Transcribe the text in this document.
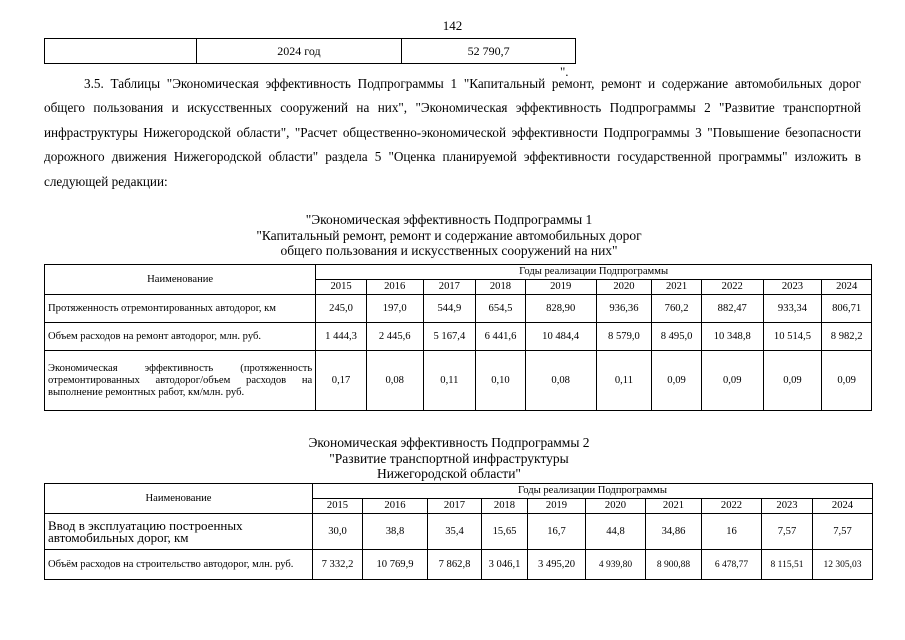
142
	2024 год	52 790,7
".
3.5. Таблицы "Экономическая эффективность Подпрограммы 1 "Капитальный ремонт, ремонт и содержание автомобильных дорог общего пользования и искусственных сооружений на них", "Экономическая эффективность Подпрограммы 2 "Развитие транспортной инфраструктуры Нижегородской области", "Расчет общественно-экономической эффективности Подпрограммы 3 "Повышение безопасности дорожного движения Нижегородской области" раздела 5 "Оценка планируемой эффективности государственной программы" изложить в следующей редакции:
"Экономическая эффективность Подпрограммы 1
"Капитальный ремонт, ремонт и содержание автомобильных дорог
общего пользования и искусственных сооружений на них"
Наименование	Годы реализации Подпрограммы									
	2015	2016	2017	2018	2019	2020	2021	2022	2023	2024
Протяженность отремонтированных автодорог, км	245,0	197,0	544,9	654,5	828,90	936,36	760,2	882,47	933,34	806,71
Объем расходов на ремонт автодорог, млн. руб.	1 444,3	2 445,6	5 167,4	6 441,6	10 484,4	8 579,0	8 495,0	10 348,8	10 514,5	8 982,2
Экономическая эффективность (протяженность отремонтированных автодорог/объем расходов на выполнение ремонтных работ, км/млн. руб.	0,17	0,08	0,11	0,10	0,08	0,11	0,09	0,09	0,09	0,09
Экономическая эффективность Подпрограммы 2
"Развитие транспортной инфраструктуры
Нижегородской области"
Наименование	Годы реализации Подпрограммы									
	2015	2016	2017	2018	2019	2020	2021	2022	2023	2024
Ввод в эксплуатацию построенных автомобильных дорог, км	30,0	38,8	35,4	15,65	16,7	44,8	34,86	16	7,57	7,57
Объём расходов на строительство автодорог, млн. руб.	7 332,2	10 769,9	7 862,8	3 046,1	3 495,20	4 939,80	8 900,88	6 478,77	8 115,51	12 305,03
